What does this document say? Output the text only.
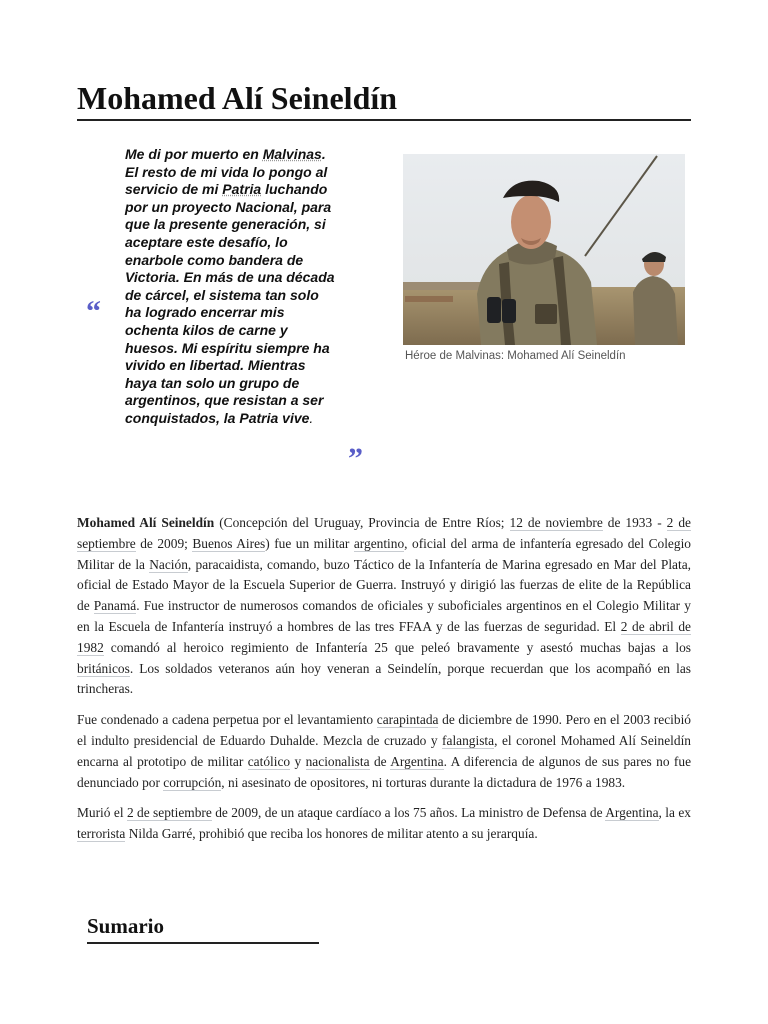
Mohamed Alí Seineldín
“
Me di por muerto en Malvinas. El resto de mi vida lo pongo al servicio de mi Patria luchando por un proyecto Nacional, para que la presente generación, si aceptare este desafío, lo enarbole como bandera de Victoria. En más de una década de cárcel, el sistema tan solo ha logrado encerrar mis ochenta kilos de carne y huesos. Mi espíritu siempre ha vivido en libertad. Mientras haya tan solo un grupo de argentinos, que resistan a ser conquistados, la Patria vive.
”
Héroe de Malvinas: Mohamed Alí Seineldín

Mohamed Alí Seineldín (Concepción del Uruguay, Provincia de Entre Ríos; 12 de noviembre de 1933 - 2 de septiembre de 2009; Buenos Aires) fue un militar argentino, oficial del arma de infantería egresado del Colegio Militar de la Nación, paracaidista, comando, buzo Táctico de la Infantería de Marina egresado en Mar del Plata, oficial de Estado Mayor de la Escuela Superior de Guerra. Instruyó y dirigió las fuerzas de elite de la República de Panamá. Fue instructor de numerosos comandos de oficiales y suboficiales argentinos en el Colegio Militar y en la Escuela de Infantería instruyó a hombres de las tres FFAA y de las fuerzas de seguridad. El 2 de abril de 1982 comandó al heroico regimiento de Infantería 25 que peleó bravamente y asestó muchas bajas a los británicos. Los soldados veteranos aún hoy veneran a Seindelín, porque recuerdan que los acompañó en las trincheras.

Fue condenado a cadena perpetua por el levantamiento carapintada de diciembre de 1990. Pero en el 2003 recibió el indulto presidencial de Eduardo Duhalde. Mezcla de cruzado y falangista, el coronel Mohamed Alí Seineldín encarna al prototipo de militar católico y nacionalista de Argentina. A diferencia de algunos de sus pares no fue denunciado por corrupción, ni asesinato de opositores, ni torturas durante la dictadura de 1976 a 1983.

Murió el 2 de septiembre de 2009, de un ataque cardíaco a los 75 años. La ministro de Defensa de Argentina, la ex terrorista Nilda Garré, prohibió que reciba los honores de militar atento a su jerarquía.

Sumario
